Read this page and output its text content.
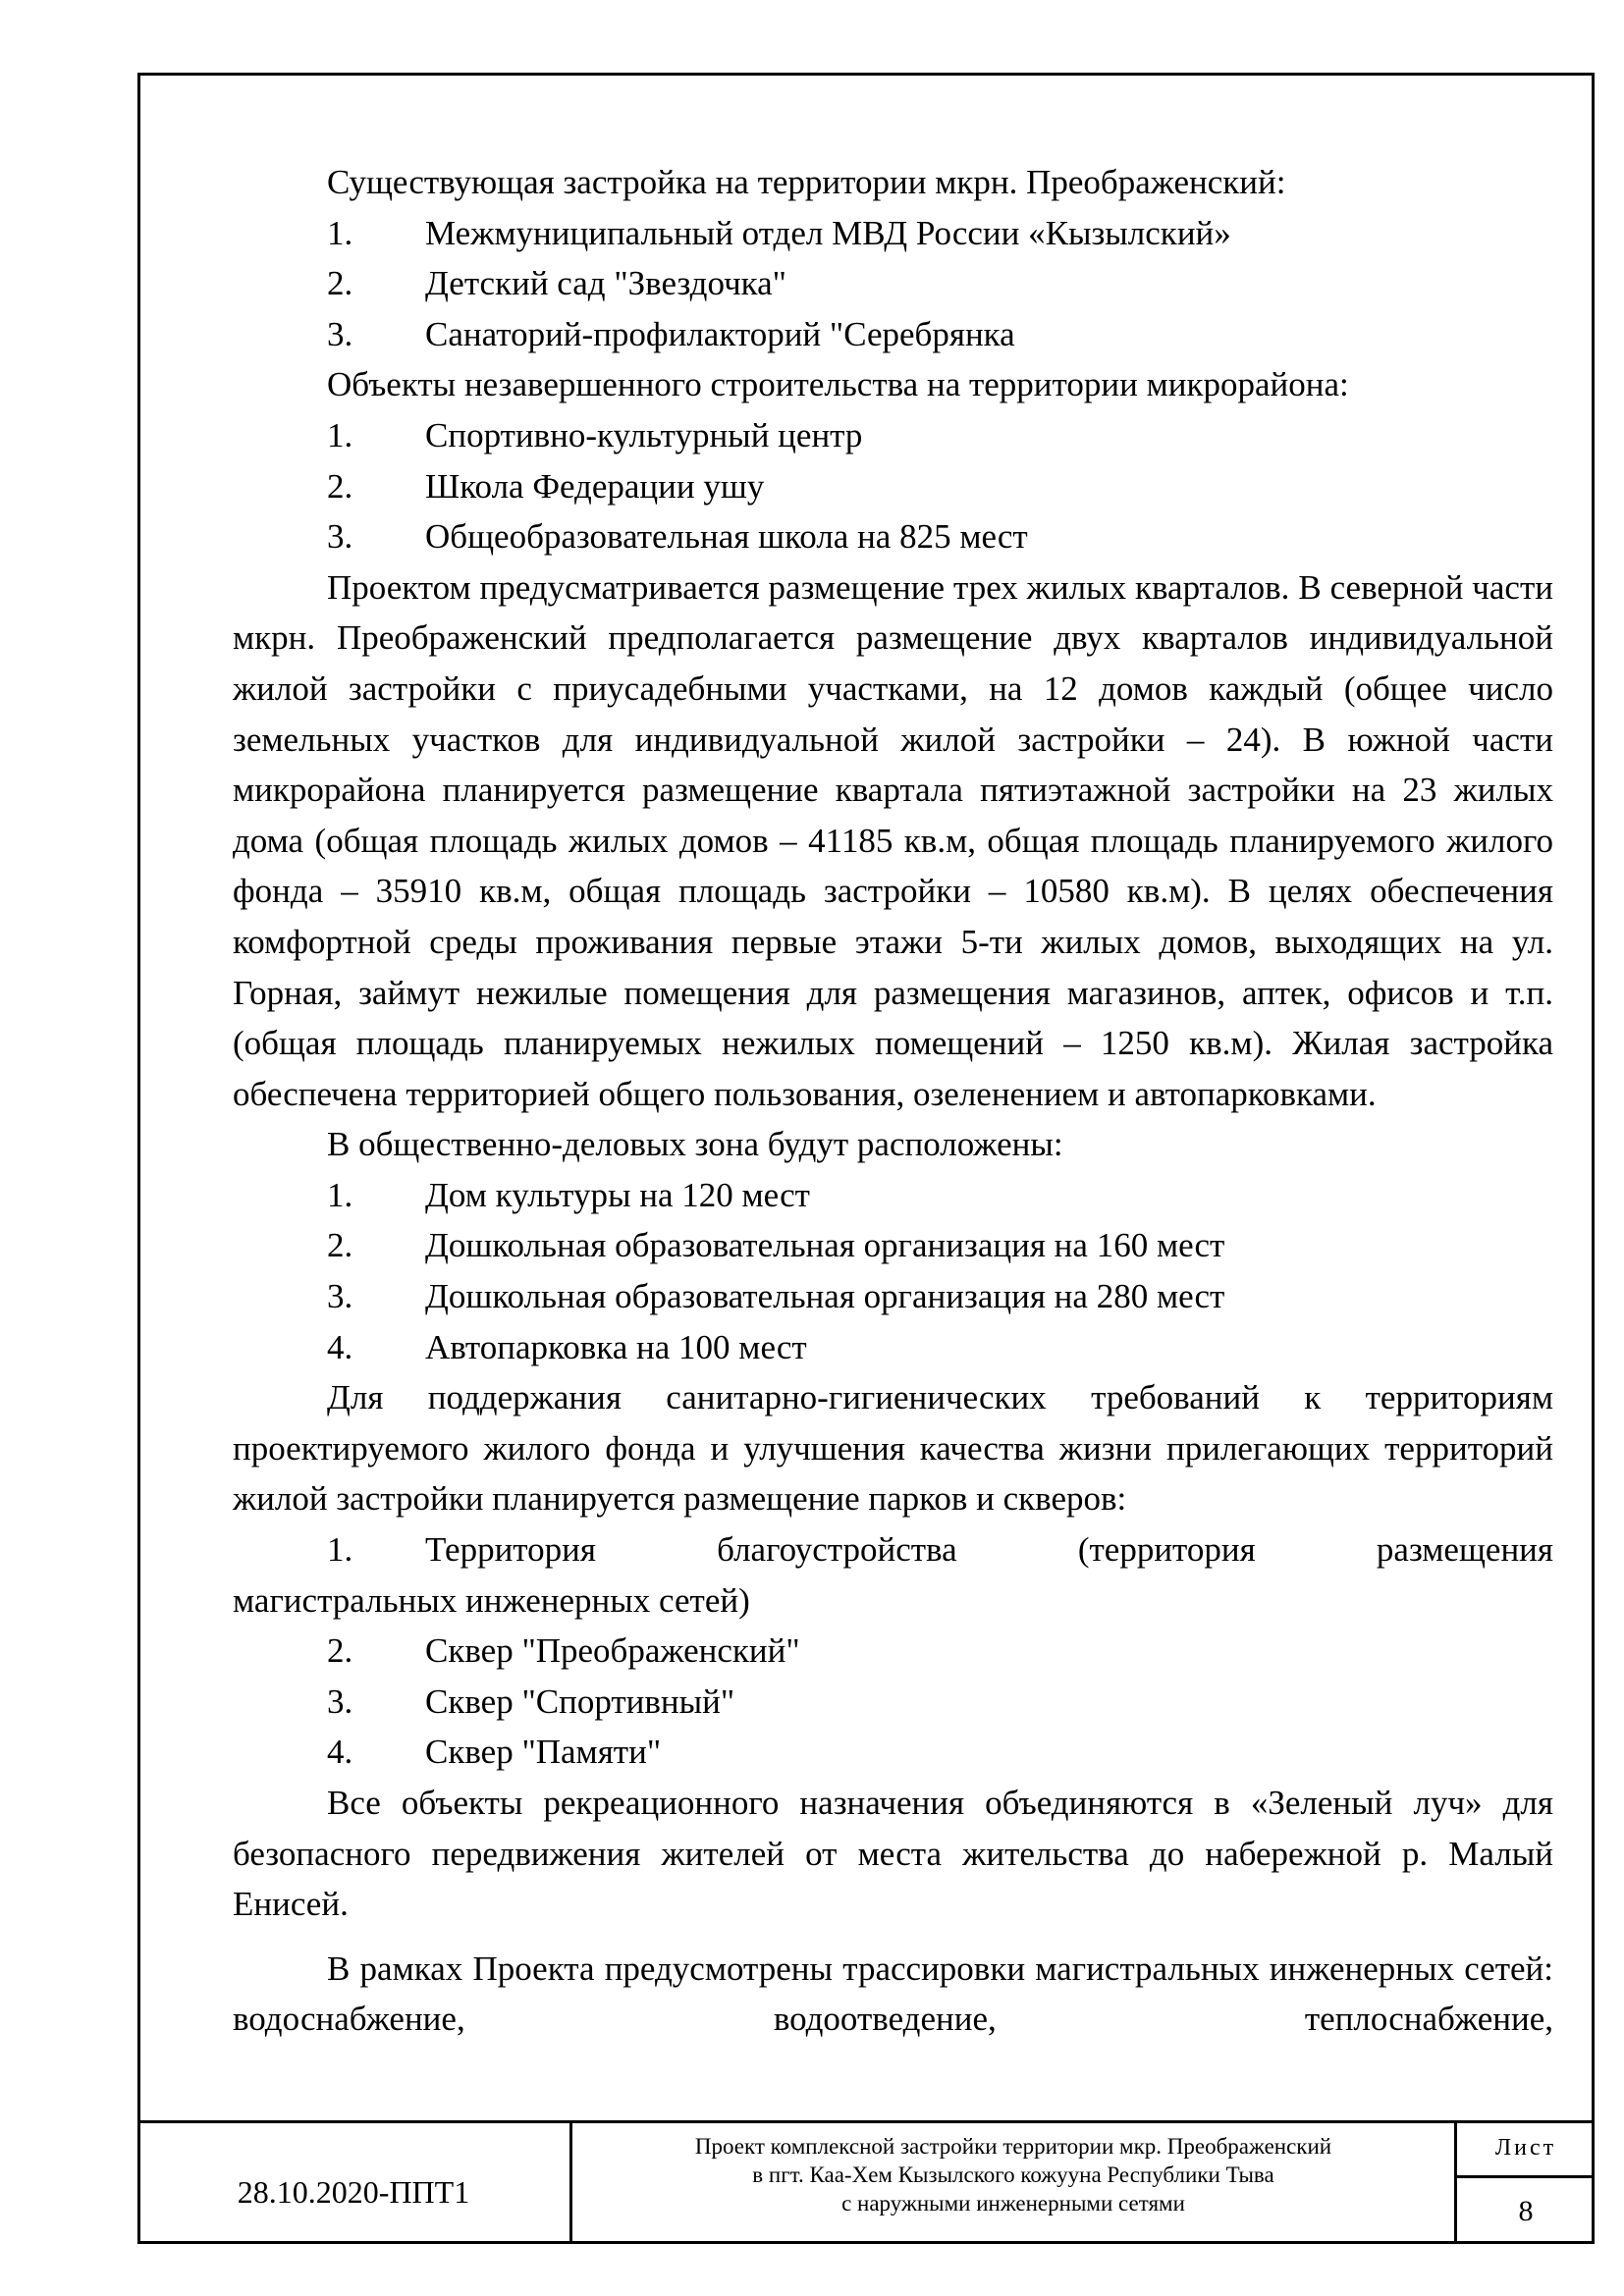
Существующая застройка на территории мкрн. Преображенский:

1.	Межмуниципальный отдел МВД России «Кызылский»
2.	Детский сад "Звездочка"
3.	Санаторий-профилакторий "Серебрянка

Объекты незавершенного строительства на территории микрорайона:

1.	Спортивно-культурный центр
2.	Школа Федерации ушу
3.	Общеобразовательная школа на 825 мест

Проектом предусматривается размещение трех жилых кварталов. В северной части мкрн. Преображенский предполагается размещение двух кварталов индивидуальной жилой застройки с приусадебными участками, на 12 домов каждый (общее число земельных участков для индивидуальной жилой застройки – 24). В южной части микрорайона планируется размещение квартала пятиэтажной застройки на 23 жилых дома (общая площадь жилых домов – 41185 кв.м, общая площадь планируемого жилого фонда – 35910 кв.м, общая площадь застройки – 10580 кв.м). В целях обеспечения комфортной среды проживания первые этажи 5-ти жилых домов, выходящих на ул. Горная, займут нежилые помещения для размещения магазинов, аптек, офисов и т.п. (общая площадь планируемых нежилых помещений – 1250 кв.м). Жилая застройка обеспечена территорией общего пользования, озеленением и автопарковками.

В общественно-деловых зона будут расположены:

1.	Дом культуры на 120 мест
2.	Дошкольная образовательная организация на 160 мест
3.	Дошкольная образовательная организация на 280 мест
4.	Автопарковка на 100 мест

Для поддержания санитарно-гигиенических требований к территориям проектируемого жилого фонда и улучшения качества жизни прилегающих территорий жилой застройки планируется размещение парков и скверов:

1.	Территория	благоустройства	(территория	размещения

магистральных инженерных сетей)

2.	Сквер "Преображенский"
3.	Сквер "Спортивный"
4.	Сквер "Памяти"

Все объекты рекреационного назначения объединяются в «Зеленый луч» для безопасного передвижения жителей от места жительства до набережной р. Малый Енисей.

В рамках Проекта предусмотрены трассировки магистральных инженерных сетей: водоснабжение, водоотведение, теплоснабжение,

28.10.2020-ППТ1
Проект комплексной застройки территории мкр. Преображенский
в пгт. Каа-Хем Кызылского кожууна Республики Тыва
с наружными инженерными сетями
Лист
8
